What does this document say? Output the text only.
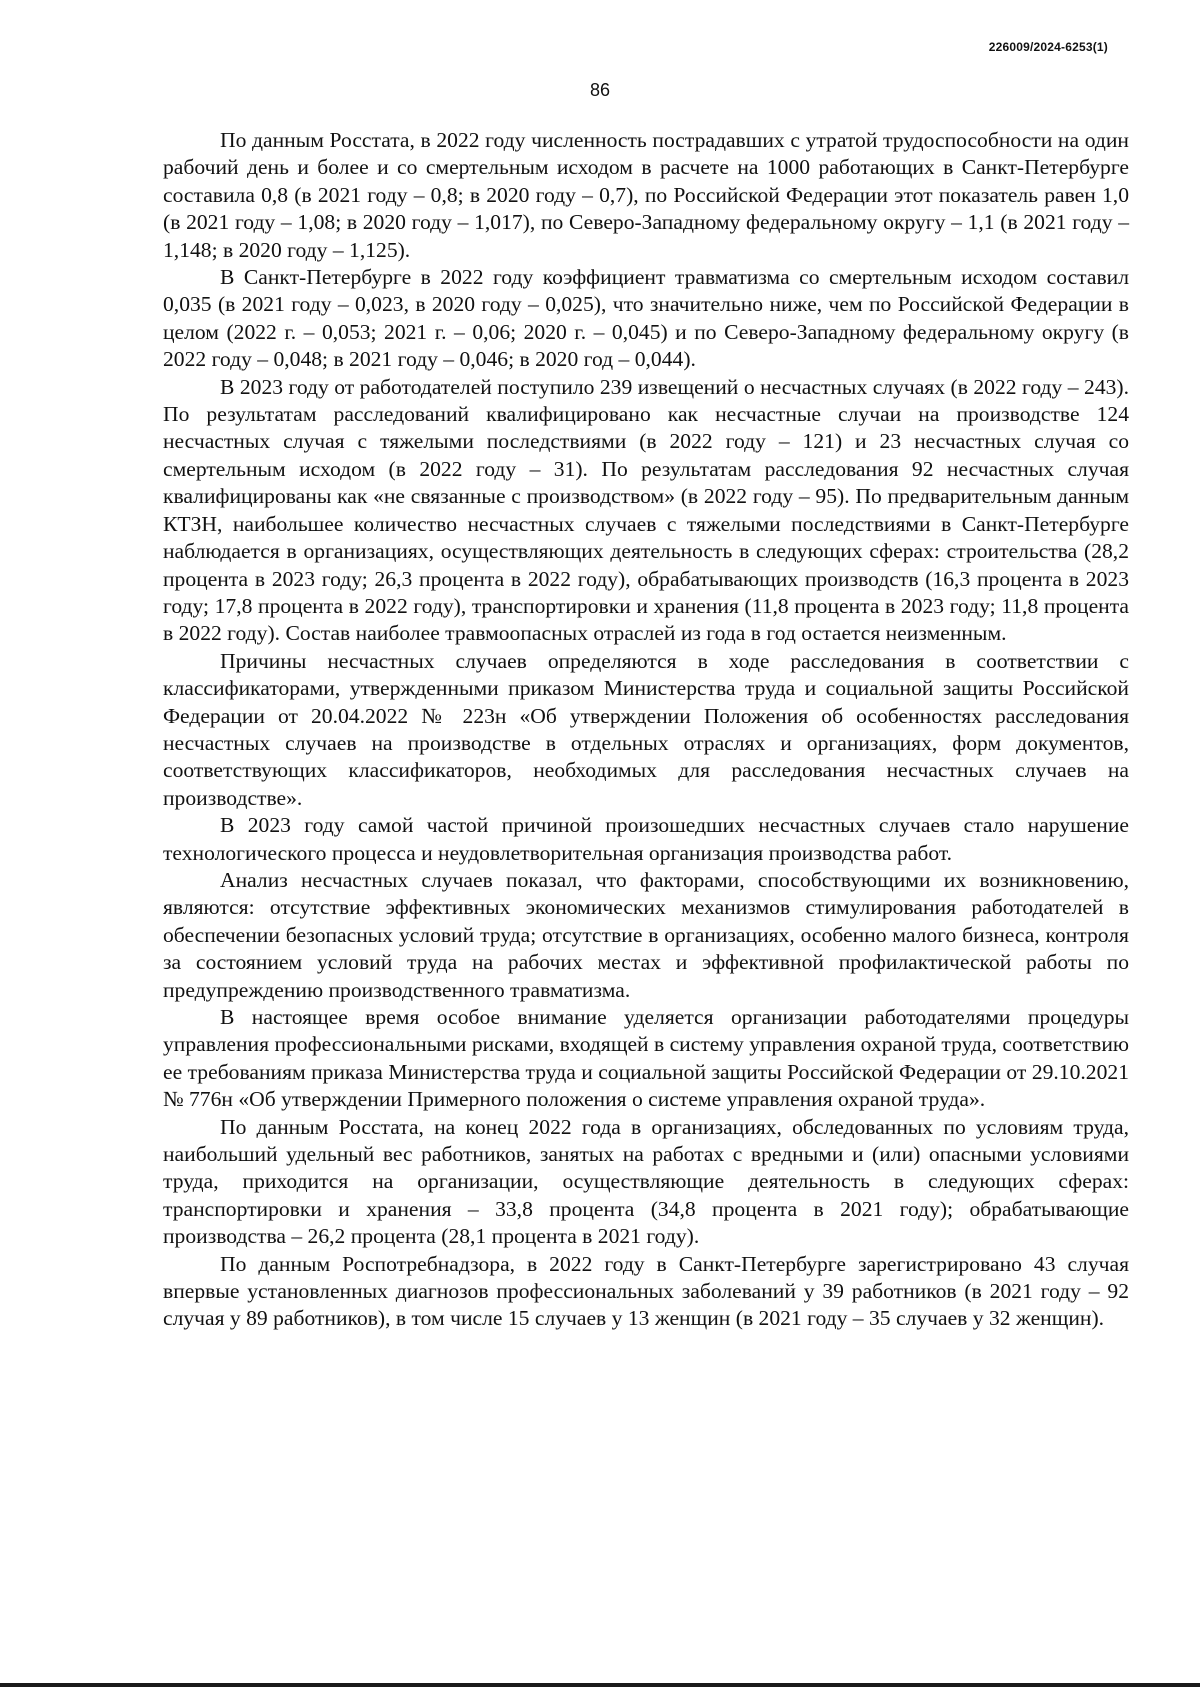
226009/2024-6253(1)
86

По данным Росстата, в 2022 году численность пострадавших с утратой трудоспособности на один рабочий день и более и со смертельным исходом в расчете на 1000 работающих в Санкт-Петербурге составила 0,8 (в 2021 году – 0,8; в 2020 году – 0,7), по Российской Федерации этот показатель равен 1,0 (в 2021 году – 1,08; в 2020 году – 1,017), по Северо-Западному федеральному округу – 1,1 (в 2021 году – 1,148; в 2020 году – 1,125).

В Санкт-Петербурге в 2022 году коэффициент травматизма со смертельным исходом составил 0,035 (в 2021 году – 0,023, в 2020 году – 0,025), что значительно ниже, чем по Российской Федерации в целом (2022 г. – 0,053; 2021 г. – 0,06; 2020 г. – 0,045) и по Северо-Западному федеральному округу (в 2022 году – 0,048; в 2021 году – 0,046; в 2020 год – 0,044).

В 2023 году от работодателей поступило 239 извещений о несчастных случаях (в 2022 году – 243). По результатам расследований квалифицировано как несчастные случаи на производстве 124 несчастных случая с тяжелыми последствиями (в 2022 году – 121) и 23 несчастных случая со смертельным исходом (в 2022 году – 31). По результатам расследования 92 несчастных случая квалифицированы как «не связанные с производством» (в 2022 году – 95). По предварительным данным КТЗН, наибольшее количество несчастных случаев с тяжелыми последствиями в Санкт-Петербурге наблюдается в организациях, осуществляющих деятельность в следующих сферах: строительства (28,2 процента в 2023 году; 26,3 процента в 2022 году), обрабатывающих производств (16,3 процента в 2023 году; 17,8 процента в 2022 году), транспортировки и хранения (11,8 процента в 2023 году; 11,8 процента в 2022 году). Состав наиболее травмоопасных отраслей из года в год остается неизменным.

Причины несчастных случаев определяются в ходе расследования в соответствии с классификаторами, утвержденными приказом Министерства труда и социальной защиты Российской Федерации от 20.04.2022 № 223н «Об утверждении Положения об особенностях расследования несчастных случаев на производстве в отдельных отраслях и организациях, форм документов, соответствующих классификаторов, необходимых для расследования несчастных случаев на производстве».

В 2023 году самой частой причиной произошедших несчастных случаев стало нарушение технологического процесса и неудовлетворительная организация производства работ.

Анализ несчастных случаев показал, что факторами, способствующими их возникновению, являются: отсутствие эффективных экономических механизмов стимулирования работодателей в обеспечении безопасных условий труда; отсутствие в организациях, особенно малого бизнеса, контроля за состоянием условий труда на рабочих местах и эффективной профилактической работы по предупреждению производственного травматизма.

В настоящее время особое внимание уделяется организации работодателями процедуры управления профессиональными рисками, входящей в систему управления охраной труда, соответствию ее требованиям приказа Министерства труда и социальной защиты Российской Федерации от 29.10.2021 № 776н «Об утверждении Примерного положения о системе управления охраной труда».

По данным Росстата, на конец 2022 года в организациях, обследованных по условиям труда, наибольший удельный вес работников, занятых на работах с вредными и (или) опасными условиями труда, приходится на организации, осуществляющие деятельность в следующих сферах: транспортировки и хранения – 33,8 процента (34,8 процента в 2021 году); обрабатывающие производства – 26,2 процента (28,1 процента в 2021 году).

По данным Роспотребнадзора, в 2022 году в Санкт-Петербурге зарегистрировано 43 случая впервые установленных диагнозов профессиональных заболеваний у 39 работников (в 2021 году – 92 случая у 89 работников), в том числе 15 случаев у 13 женщин (в 2021 году – 35 случаев у 32 женщин).
